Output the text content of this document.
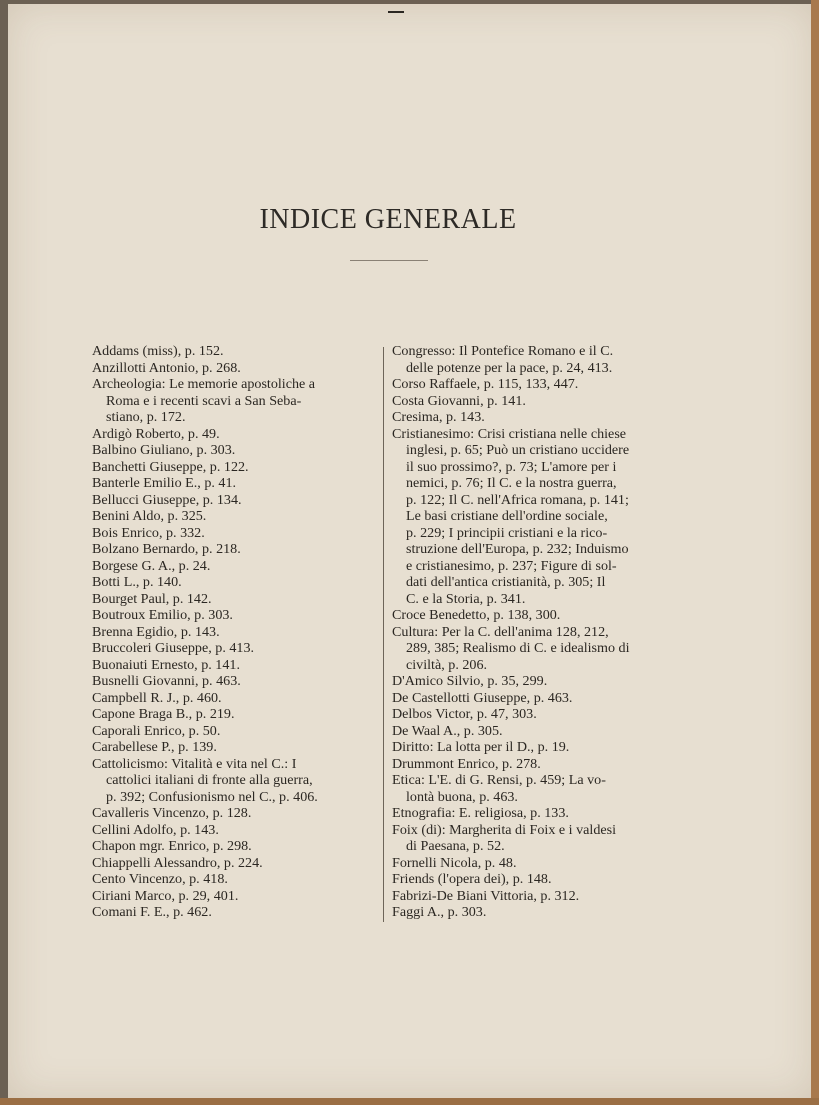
INDICE GENERALE
Addams (miss), p. 152.
Anzillotti Antonio, p. 268.
Archeologia: Le memorie apostoliche a

Roma e i recenti scavi a San Seba-
stiano, p. 172.
Ardigò Roberto, p. 49.
Balbino Giuliano, p. 303.
Banchetti Giuseppe, p. 122.
Banterle Emilio E., p. 41.
Bellucci Giuseppe, p. 134.
Benini Aldo, p. 325.
Bois Enrico, p. 332.
Bolzano Bernardo, p. 218.
Borgese G. A., p. 24.
Botti L., p. 140.
Bourget Paul, p. 142.
Boutroux Emilio, p. 303.
Brenna Egidio, p. 143.
Bruccoleri Giuseppe, p. 413.
Buonaiuti Ernesto, p. 141.
Busnelli Giovanni, p. 463.
Campbell R. J., p. 460.
Capone Braga B., p. 219.
Caporali Enrico, p. 50.
Carabellese P., p. 139.
Cattolicismo: Vitalità e vita nel C.: I

cattolici italiani di fronte alla guerra,
p. 392; Confusionismo nel C., p. 406.
Cavalleris Vincenzo, p. 128.
Cellini Adolfo, p. 143.
Chapon mgr. Enrico, p. 298.
Chiappelli Alessandro, p. 224.
Cento Vincenzo, p. 418.
Ciriani Marco, p. 29, 401.
Comani F. E., p. 462.
Congresso: Il Pontefice Romano e il C.

delle potenze per la pace, p. 24, 413.
Corso Raffaele, p. 115, 133, 447.
Costa Giovanni, p. 141.
Cresima, p. 143.
Cristianesimo: Crisi cristiana nelle chiese

inglesi, p. 65; Può un cristiano uccidere
il suo prossimo?, p. 73; L'amore per i
nemici, p. 76; Il C. e la nostra guerra,
p. 122; Il C. nell'Africa romana, p. 141;
Le basi cristiane dell'ordine sociale,
p. 229; I principii cristiani e la rico-
struzione dell'Europa, p. 232; Induismo
e cristianesimo, p. 237; Figure di sol-
dati dell'antica cristianità, p. 305; Il
C. e la Storia, p. 341.
Croce Benedetto, p. 138, 300.
Cultura: Per la C. dell'anima 128, 212,

289, 385; Realismo di C. e idealismo di
civiltà, p. 206.
D'Amico Silvio, p. 35, 299.
De Castellotti Giuseppe, p. 463.
Delbos Victor, p. 47, 303.
De Waal A., p. 305.
Diritto: La lotta per il D., p. 19.
Drummont Enrico, p. 278.
Etica: L'E. di G. Rensi, p. 459; La vo-

lontà buona, p. 463.
Etnografia: E. religiosa, p. 133.
Foix (di): Margherita di Foix e i valdesi

di Paesana, p. 52.
Fornelli Nicola, p. 48.
Friends (l'opera dei), p. 148.
Fabrizi-De Biani Vittoria, p. 312.
Faggi A., p. 303.
